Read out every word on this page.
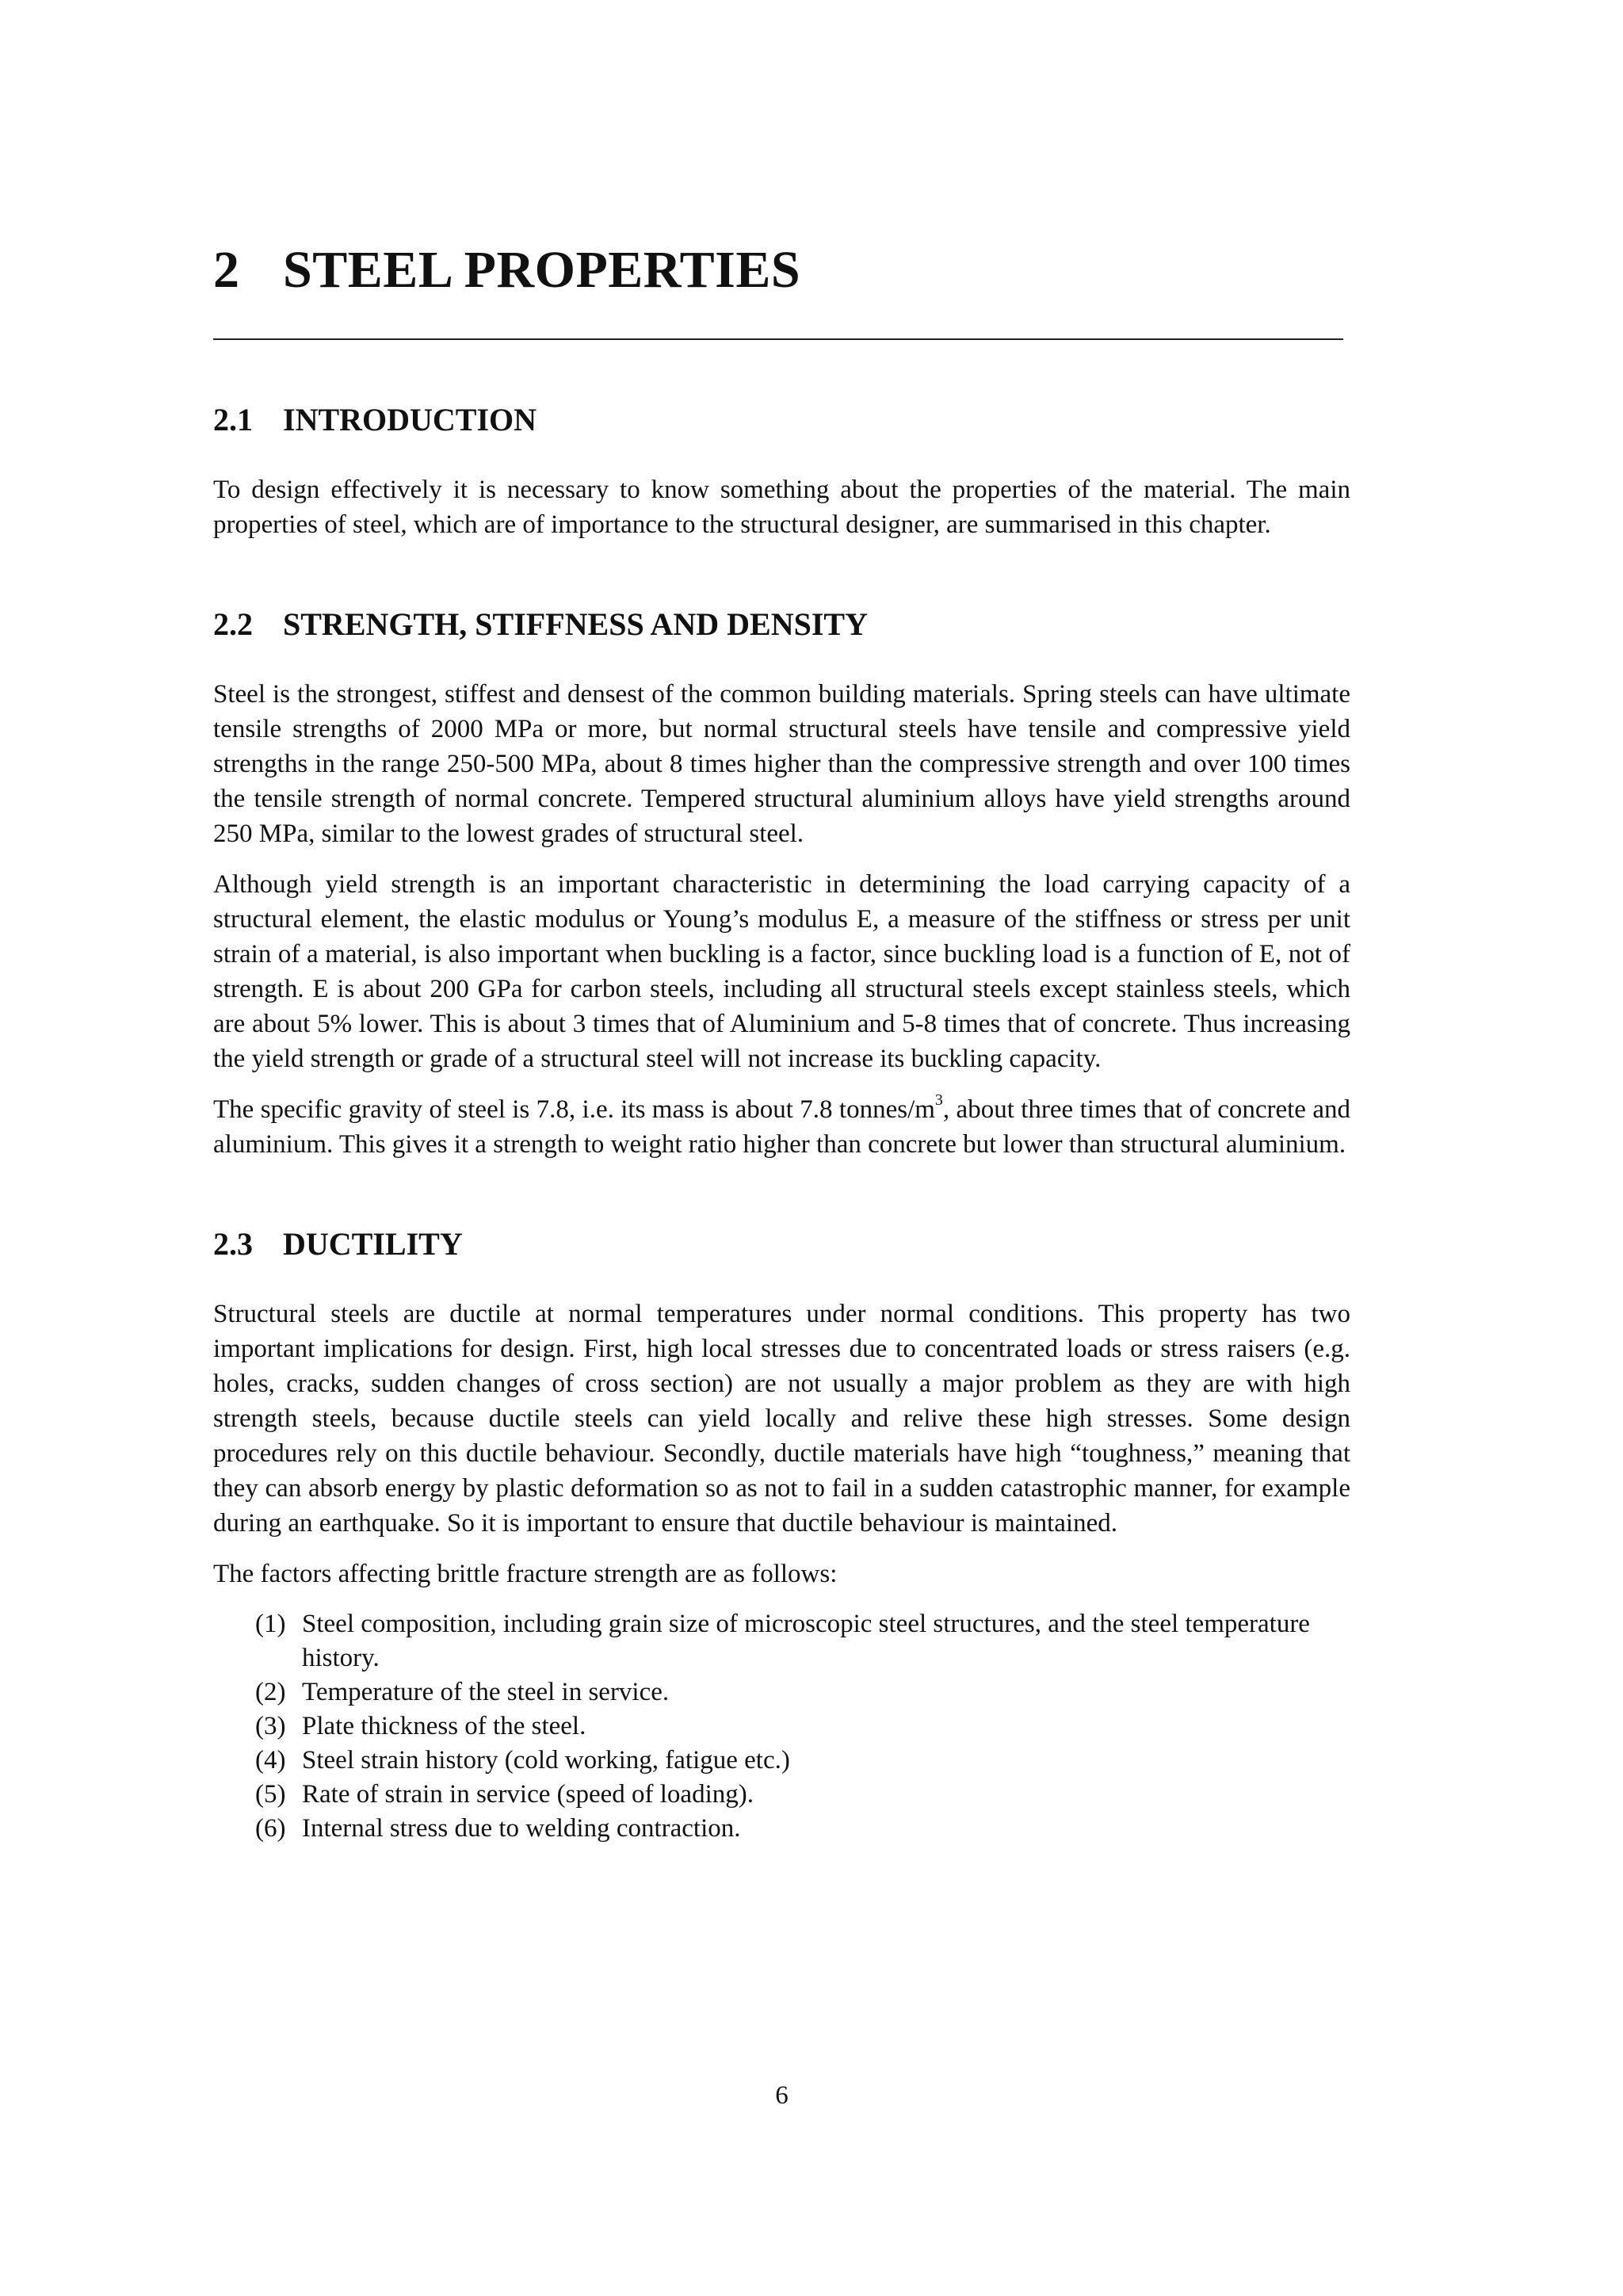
2 STEEL PROPERTIES
2.1 INTRODUCTION

To design effectively it is necessary to know something about the properties of the material. The main properties of steel, which are of importance to the structural designer, are summarised in this chapter.

2.2 STRENGTH, STIFFNESS AND DENSITY

Steel is the strongest, stiffest and densest of the common building materials. Spring steels can have ultimate tensile strengths of 2000 MPa or more, but normal structural steels have tensile and compressive yield strengths in the range 250-500 MPa, about 8 times higher than the compressive strength and over 100 times the tensile strength of normal concrete. Tempered structural aluminium alloys have yield strengths around 250 MPa, similar to the lowest grades of structural steel.

Although yield strength is an important characteristic in determining the load carrying capacity of a structural element, the elastic modulus or Young’s modulus E, a measure of the stiffness or stress per unit strain of a material, is also important when buckling is a factor, since buckling load is a function of E, not of strength. E is about 200 GPa for carbon steels, including all structural steels except stainless steels, which are about 5% lower. This is about 3 times that of Aluminium and 5-8 times that of concrete. Thus increasing the yield strength or grade of a structural steel will not increase its buckling capacity.

The specific gravity of steel is 7.8, i.e. its mass is about 7.8 tonnes/$m^3$, about three times that of concrete and aluminium. This gives it a strength to weight ratio higher than concrete but lower than structural aluminium.

2.3 DUCTILITY

Structural steels are ductile at normal temperatures under normal conditions. This property has two important implications for design. First, high local stresses due to concentrated loads or stress raisers (e.g. holes, cracks, sudden changes of cross section) are not usually a major problem as they are with high strength steels, because ductile steels can yield locally and relive these high stresses. Some design procedures rely on this ductile behaviour. Secondly, ductile materials have high “toughness,” meaning that they can absorb energy by plastic deformation so as not to fail in a sudden catastrophic manner, for example during an earthquake. So it is important to ensure that ductile behaviour is maintained.

The factors affecting brittle fracture strength are as follows:

(1) Steel composition, including grain size of microscopic steel structures, and the steel temperature history.
(2) Temperature of the steel in service.
(3) Plate thickness of the steel.
(4) Steel strain history (cold working, fatigue etc.)
(5) Rate of strain in service (speed of loading).
(6) Internal stress due to welding contraction.
6
